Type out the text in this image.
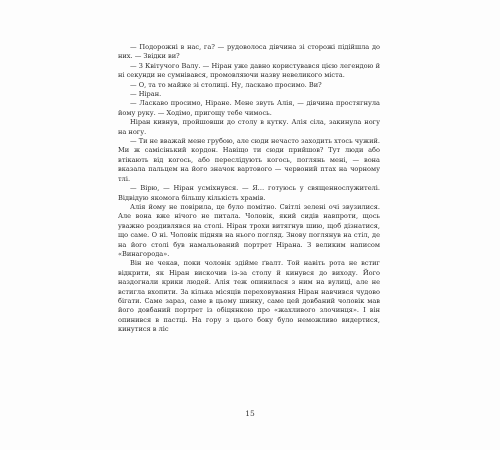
— Подорожні в нас, га? — рудоволоса дівчина зі сторожі підійшла до них. — Звідки ви?

— З Квітучого Валу. — Ніран уже давно користувався цією легендою й ні секунди не сумнівався, промовляючи назву невеликого міста.

— О, та то майже зі столиці. Ну, ласкаво просимо. Ви?

— Ніран.

— Ласкаво просимо, Ніране. Мене звуть Алія, — дівчина простягнула йому руку. — Ходімо, пригощу тебе чимось.

Ніран кивнув, пройшовши до столу в кутку. Алія сіла, закинула ногу на ногу.

— Ти не вважай мене грубою, але сюди нечасто заходить хтось чужий. Ми ж самісінький кордон. Навіщо ти сюди прийшов? Тут люди або втікають від когось, або переслідують когось, поглянь мені, — вона вказала пальцем на його значок вартового — червоний птах на чорному тлі.

— Вірю, — Ніран усміхнувся. — Я… готуюсь у священнослужителі. Відвідую якомога більшу кількість храмів.

Алія йому не повірила, це було помітно. Світлі зелені очі звузилися. Але вона вже нічого не питала. Чоловік, який сидів навпроти, щось уважно роздивлявся на столі. Ніран трохи витягнув шию, щоб дізнатися, що саме. О ні. Чоловік підняв на нього погляд. Знову поглянув на стіл, де на його столі був намальований портрет Нірана. З великим написом «Винагорода».

Він не чекав, поки чоловік здійме ґвалт. Той навіть рота не встиг відкрити, як Ніран вискочив із-за столу й кинувся до виходу. Його наздогнали крики людей. Алія теж опинилася з ним на вулиці, але не встигла вхопити. За кілька місяців переховування Ніран навчився чудово бігати. Саме зараз, саме в цьому шинку, саме цей довбаний чоловік мав його довбаний портрет із обіцянкою про «жахливого злочинця». І він опинився в пастці. На гору з цього боку було неможливо видертися, кинутися в ліс

15
